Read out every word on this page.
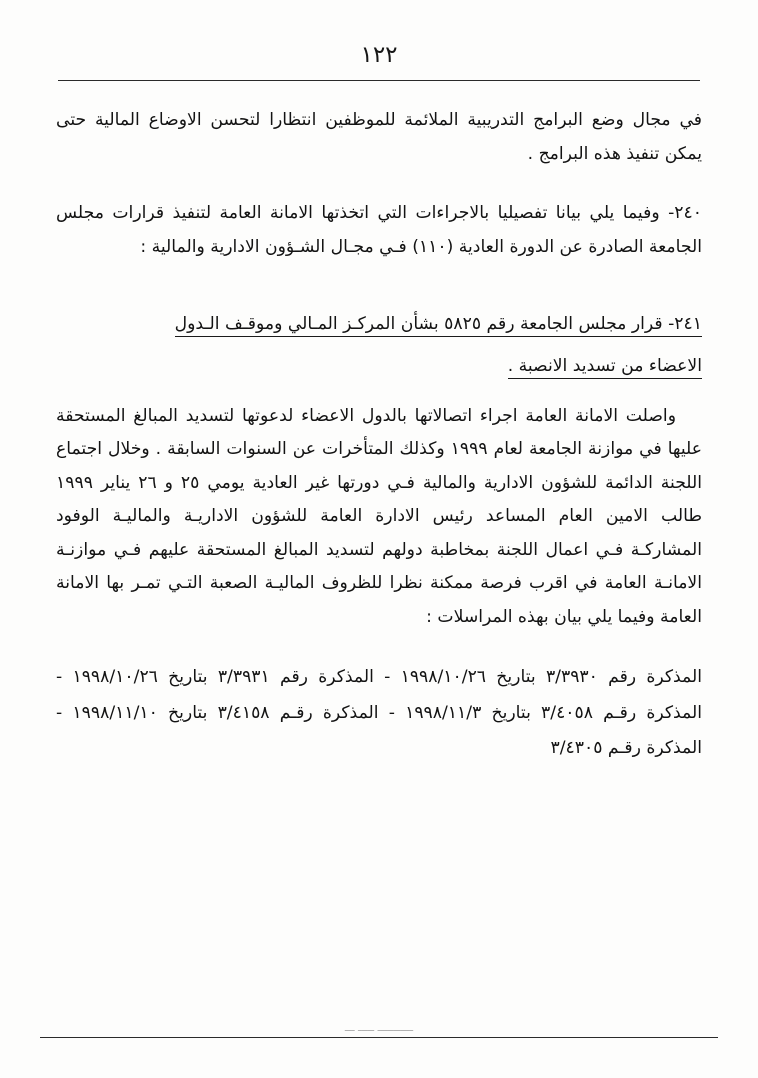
١٢٢

في مجال وضع البرامج التدريبية الملائمة للموظفين انتظارا لتحسن الاوضاع المالية حتى يمكن تنفيذ هذه البرامج .

٢٤٠- وفيما يلي بيانا تفصيليا بالاجراءات التي اتخذتها الامانة العامة لتنفيذ قرارات مجلس الجامعة الصادرة عن الدورة العادية (١١٠) فـي مجـال الشـؤون الادارية والمالية :

٢٤١- قرار مجلس الجامعة رقم ٥٨٢٥ بشأن المركـز المـالي وموقـف الـدول

الاعضاء من تسديد الانصبة .

واصلت الامانة العامة اجراء اتصالاتها بالدول الاعضاء لدعوتها لتسديد المبالغ المستحقة عليها في موازنة الجامعة لعام ١٩٩٩ وكذلك المتأخرات عن السنوات السابقة . وخلال اجتماع اللجنة الدائمة للشؤون الادارية والمالية فـي دورتها غير العادية يومي ٢٥ و ٢٦ يناير ١٩٩٩ طالب الامين العام المساعد رئيس الادارة العامة للشؤون الاداريـة والماليـة الوفود المشاركـة فـي اعمال اللجنة بمخاطبة دولهم لتسديد المبالغ المستحقة عليهم فـي موازنـة الامانـة العامة في اقرب فرصة ممكنة نظرا للظروف الماليـة الصعبة التـي تمـر بها الامانة العامة وفيما يلي بيان بهذه المراسلات :

المذكرة رقم ٣/٣٩٣٠ بتاريخ ١٩٩٨/١٠/٢٦ - المذكرة رقم ٣/٣٩٣١ بتاريخ ١٩٩٨/١٠/٢٦ - المذكرة رقـم ٣/٤٠٥٨ بتاريخ ١٩٩٨/١١/٣ - المذكرة رقـم ٣/٤١٥٨ بتاريخ ١٩٩٨/١١/١٠ - المذكرة رقـم ٣/٤٣٠٥

ـــــــــــ ـــــ ـــ
